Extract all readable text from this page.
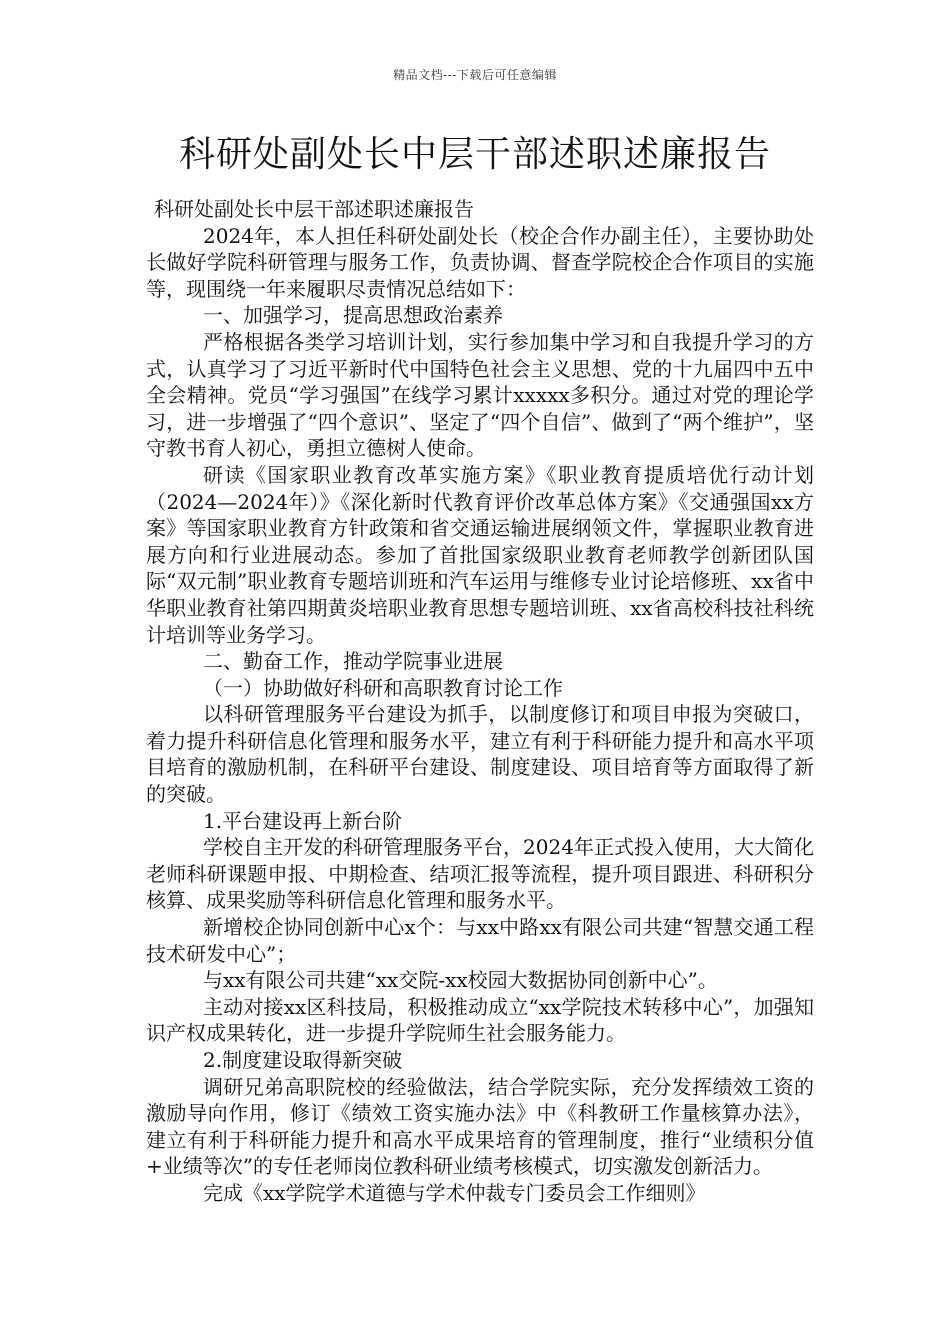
精品文档---下载后可任意编辑
科研处副处长中层干部述职述廉报告

科研处副处长中层干部述职述廉报告

2024年，本人担任科研处副处长（校企合作办副主任），主要协助处长做好学院科研管理与服务工作，负责协调、督查学院校企合作项目的实施等，现围绕一年来履职尽责情况总结如下：

一、加强学习，提高思想政治素养

严格根据各类学习培训计划，实行参加集中学习和自我提升学习的方式，认真学习了习近平新时代中国特色社会主义思想、党的十九届四中五中全会精神。党员“学习强国”在线学习累计xxxxx多积分。通过对党的理论学习，进一步增强了“四个意识”、坚定了“四个自信”、做到了“两个维护”，坚守教书育人初心，勇担立德树人使命。

研读《国家职业教育改革实施方案》《职业教育提质培优行动计划（2024—2024年）》《深化新时代教育评价改革总体方案》《交通强国xx方案》等国家职业教育方针政策和省交通运输进展纲领文件，掌握职业教育进展方向和行业进展动态。参加了首批国家级职业教育老师教学创新团队国际“双元制”职业教育专题培训班和汽车运用与维修专业讨论培修班、xx省中华职业教育社第四期黄炎培职业教育思想专题培训班、xx省高校科技社科统计培训等业务学习。

二、勤奋工作，推动学院事业进展

（一）协助做好科研和高职教育讨论工作

以科研管理服务平台建设为抓手，以制度修订和项目申报为突破口，着力提升科研信息化管理和服务水平，建立有利于科研能力提升和高水平项目培育的激励机制，在科研平台建设、制度建设、项目培育等方面取得了新的突破。

1.平台建设再上新台阶

学校自主开发的科研管理服务平台，2024年正式投入使用，大大简化老师科研课题申报、中期检查、结项汇报等流程，提升项目跟进、科研积分核算、成果奖励等科研信息化管理和服务水平。

新增校企协同创新中心x个：与xx中路xx有限公司共建“智慧交通工程技术研发中心”；

与xx有限公司共建“xx交院-xx校园大数据协同创新中心”。

主动对接xx区科技局，积极推动成立“xx学院技术转移中心”，加强知识产权成果转化，进一步提升学院师生社会服务能力。

2.制度建设取得新突破

调研兄弟高职院校的经验做法，结合学院实际，充分发挥绩效工资的激励导向作用，修订《绩效工资实施办法》中《科教研工作量核算办法》，建立有利于科研能力提升和高水平成果培育的管理制度，推行“业绩积分值+业绩等次”的专任老师岗位教科研业绩考核模式，切实激发创新活力。

完成《xx学院学术道德与学术仲裁专门委员会工作细则》
